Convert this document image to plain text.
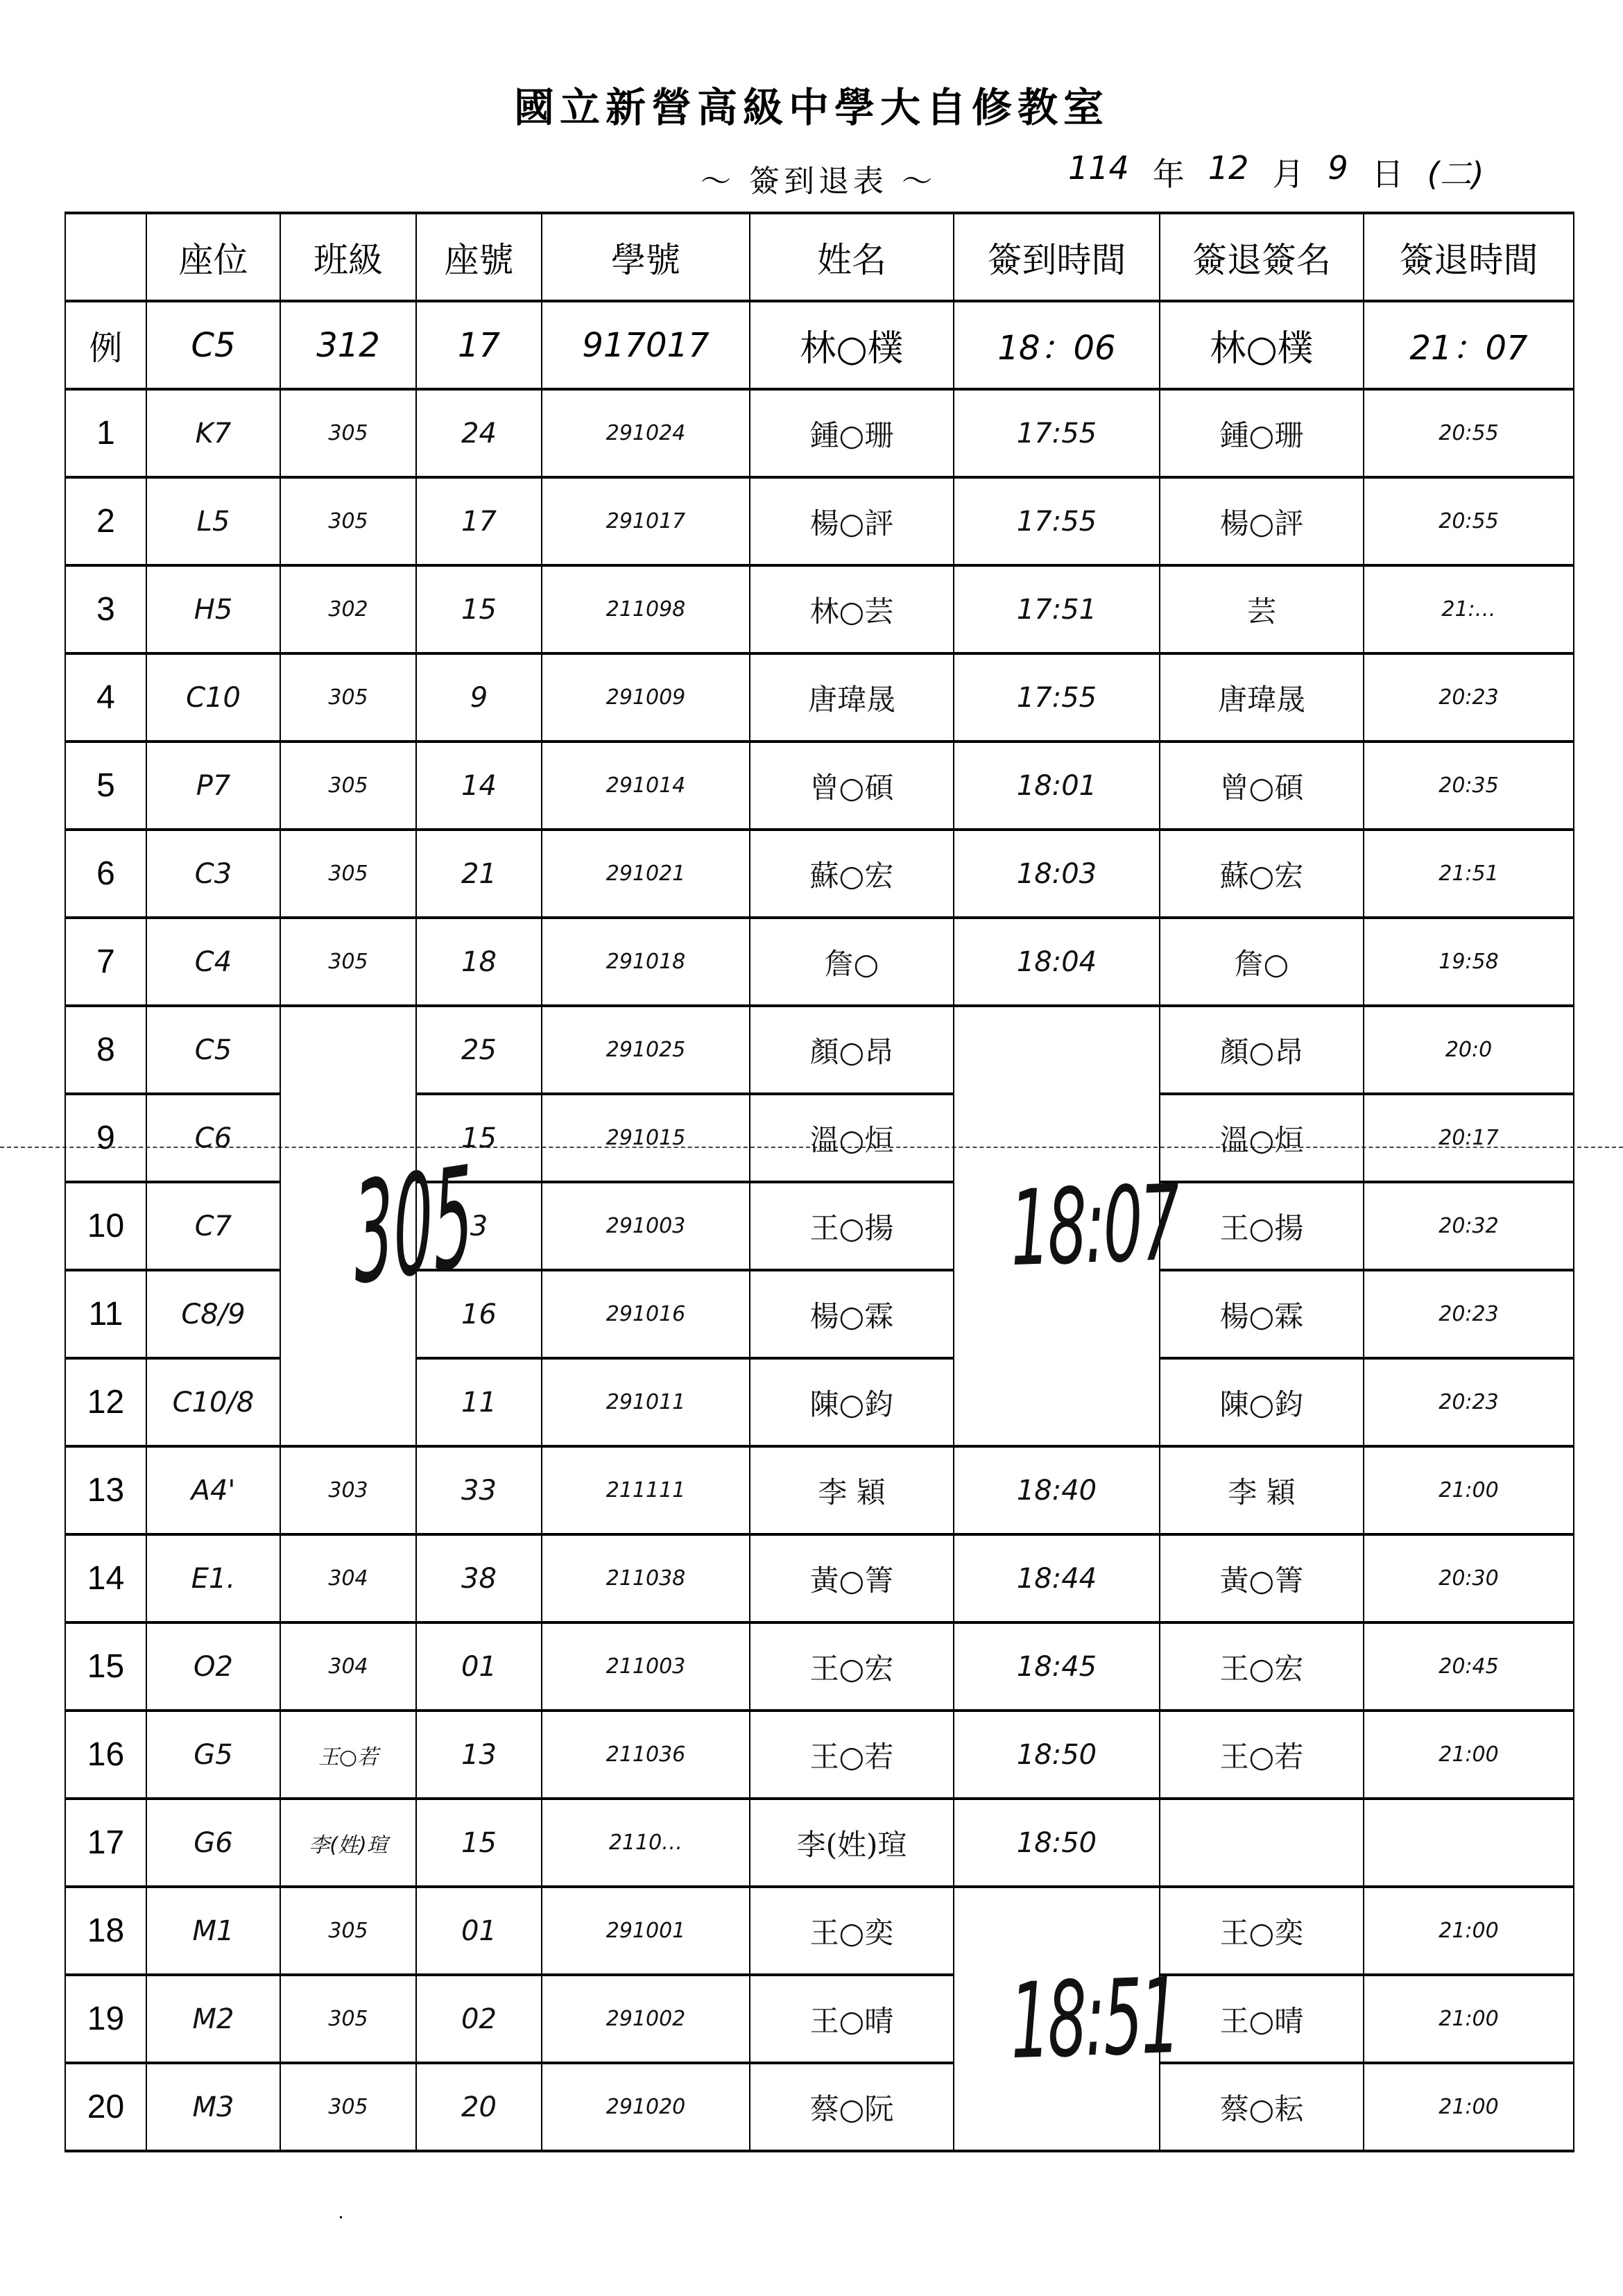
國立新營高級中學大自修教室
～ 簽到退表 ～	114 年 12 月 9 日 (二)
	座位	班級	座號	學號	姓名	簽到時間	簽退簽名	簽退時間
例	C5	312	17	917017	林○樸	18：06	林○樸	21：07
1	K7	305	24	291024	鍾○珊	17:55	鍾○珊	20:55
2	L5	305	17	291017	楊○評	17:55	楊○評	20:55
3	H5	302	15	211098	林○芸	17:51	芸	21:…
4	C10	305	9	291009	唐瑋晟	17:55	唐瑋晟	20:23
5	P7	305	14	291014	曾○碩	18:01	曾○碩	20:35
6	C3	305	21	291021	蘇○宏	18:03	蘇○宏	21:51
7	C4	305	18	291018	詹○	18:04	詹○	19:58
8	C5	305	25	291025	顏○昂	18:07	顏○昂	20:0
9	C6		15	291015	溫○烜		溫○烜	20:17
10	C7		3	291003	王○揚		王○揚	20:32
11	C8/9		16	291016	楊○霖		楊○霖	20:23
12	C10/8		11	291011	陳○鈞		陳○鈞	20:23
13	A4'	303	33	211111	李 穎	18:40	李 穎	21:00
14	E1.	304	38	211038	黃○箐	18:44	黃○箐	20:30
15	O2	304	01	211003	王○宏	18:45	王○宏	20:45
16	G5	王○若	13	211036	王○若	18:50	王○若	21:00
17	G6	李(姓)瑄	15	2110…	李(姓)瑄	18:50		
18	M1	305	01	291001	王○奕	18:51	王○奕	21:00
19	M2	305	02	291002	王○晴		王○晴	21:00
20	M3	305	20	291020	蔡○阮		蔡○耘	21:00
